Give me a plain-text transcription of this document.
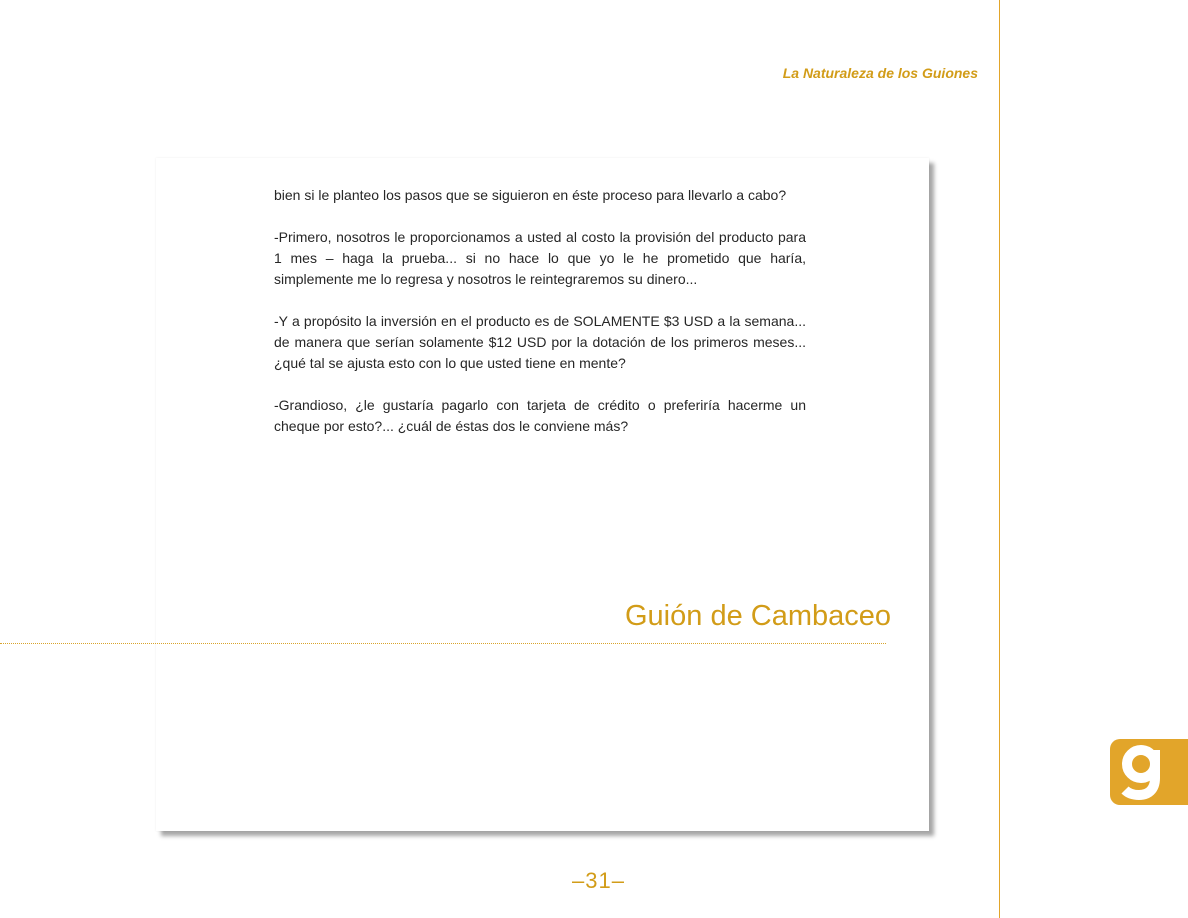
La Naturaleza de los Guiones

bien si le planteo los pasos que se siguieron en éste proceso para llevarlo a cabo?

-Primero, nosotros le proporcionamos a usted al costo la provisión del producto para 1 mes – haga la prueba... si no hace lo que yo le he prometido que haría, simplemente me lo regresa y nosotros le reintegraremos su dinero...

-Y a propósito la inversión en el producto es de SOLAMENTE $3 USD a la semana... de manera que serían solamente $12 USD por la dotación de los primeros meses... ¿qué tal se ajusta esto con lo que usted tiene en mente?

-Grandioso, ¿le gustaría pagarlo con tarjeta de crédito o preferiría hacerme un cheque por esto?... ¿cuál de éstas dos le conviene más?

Guión de Cambaceo
–31–
